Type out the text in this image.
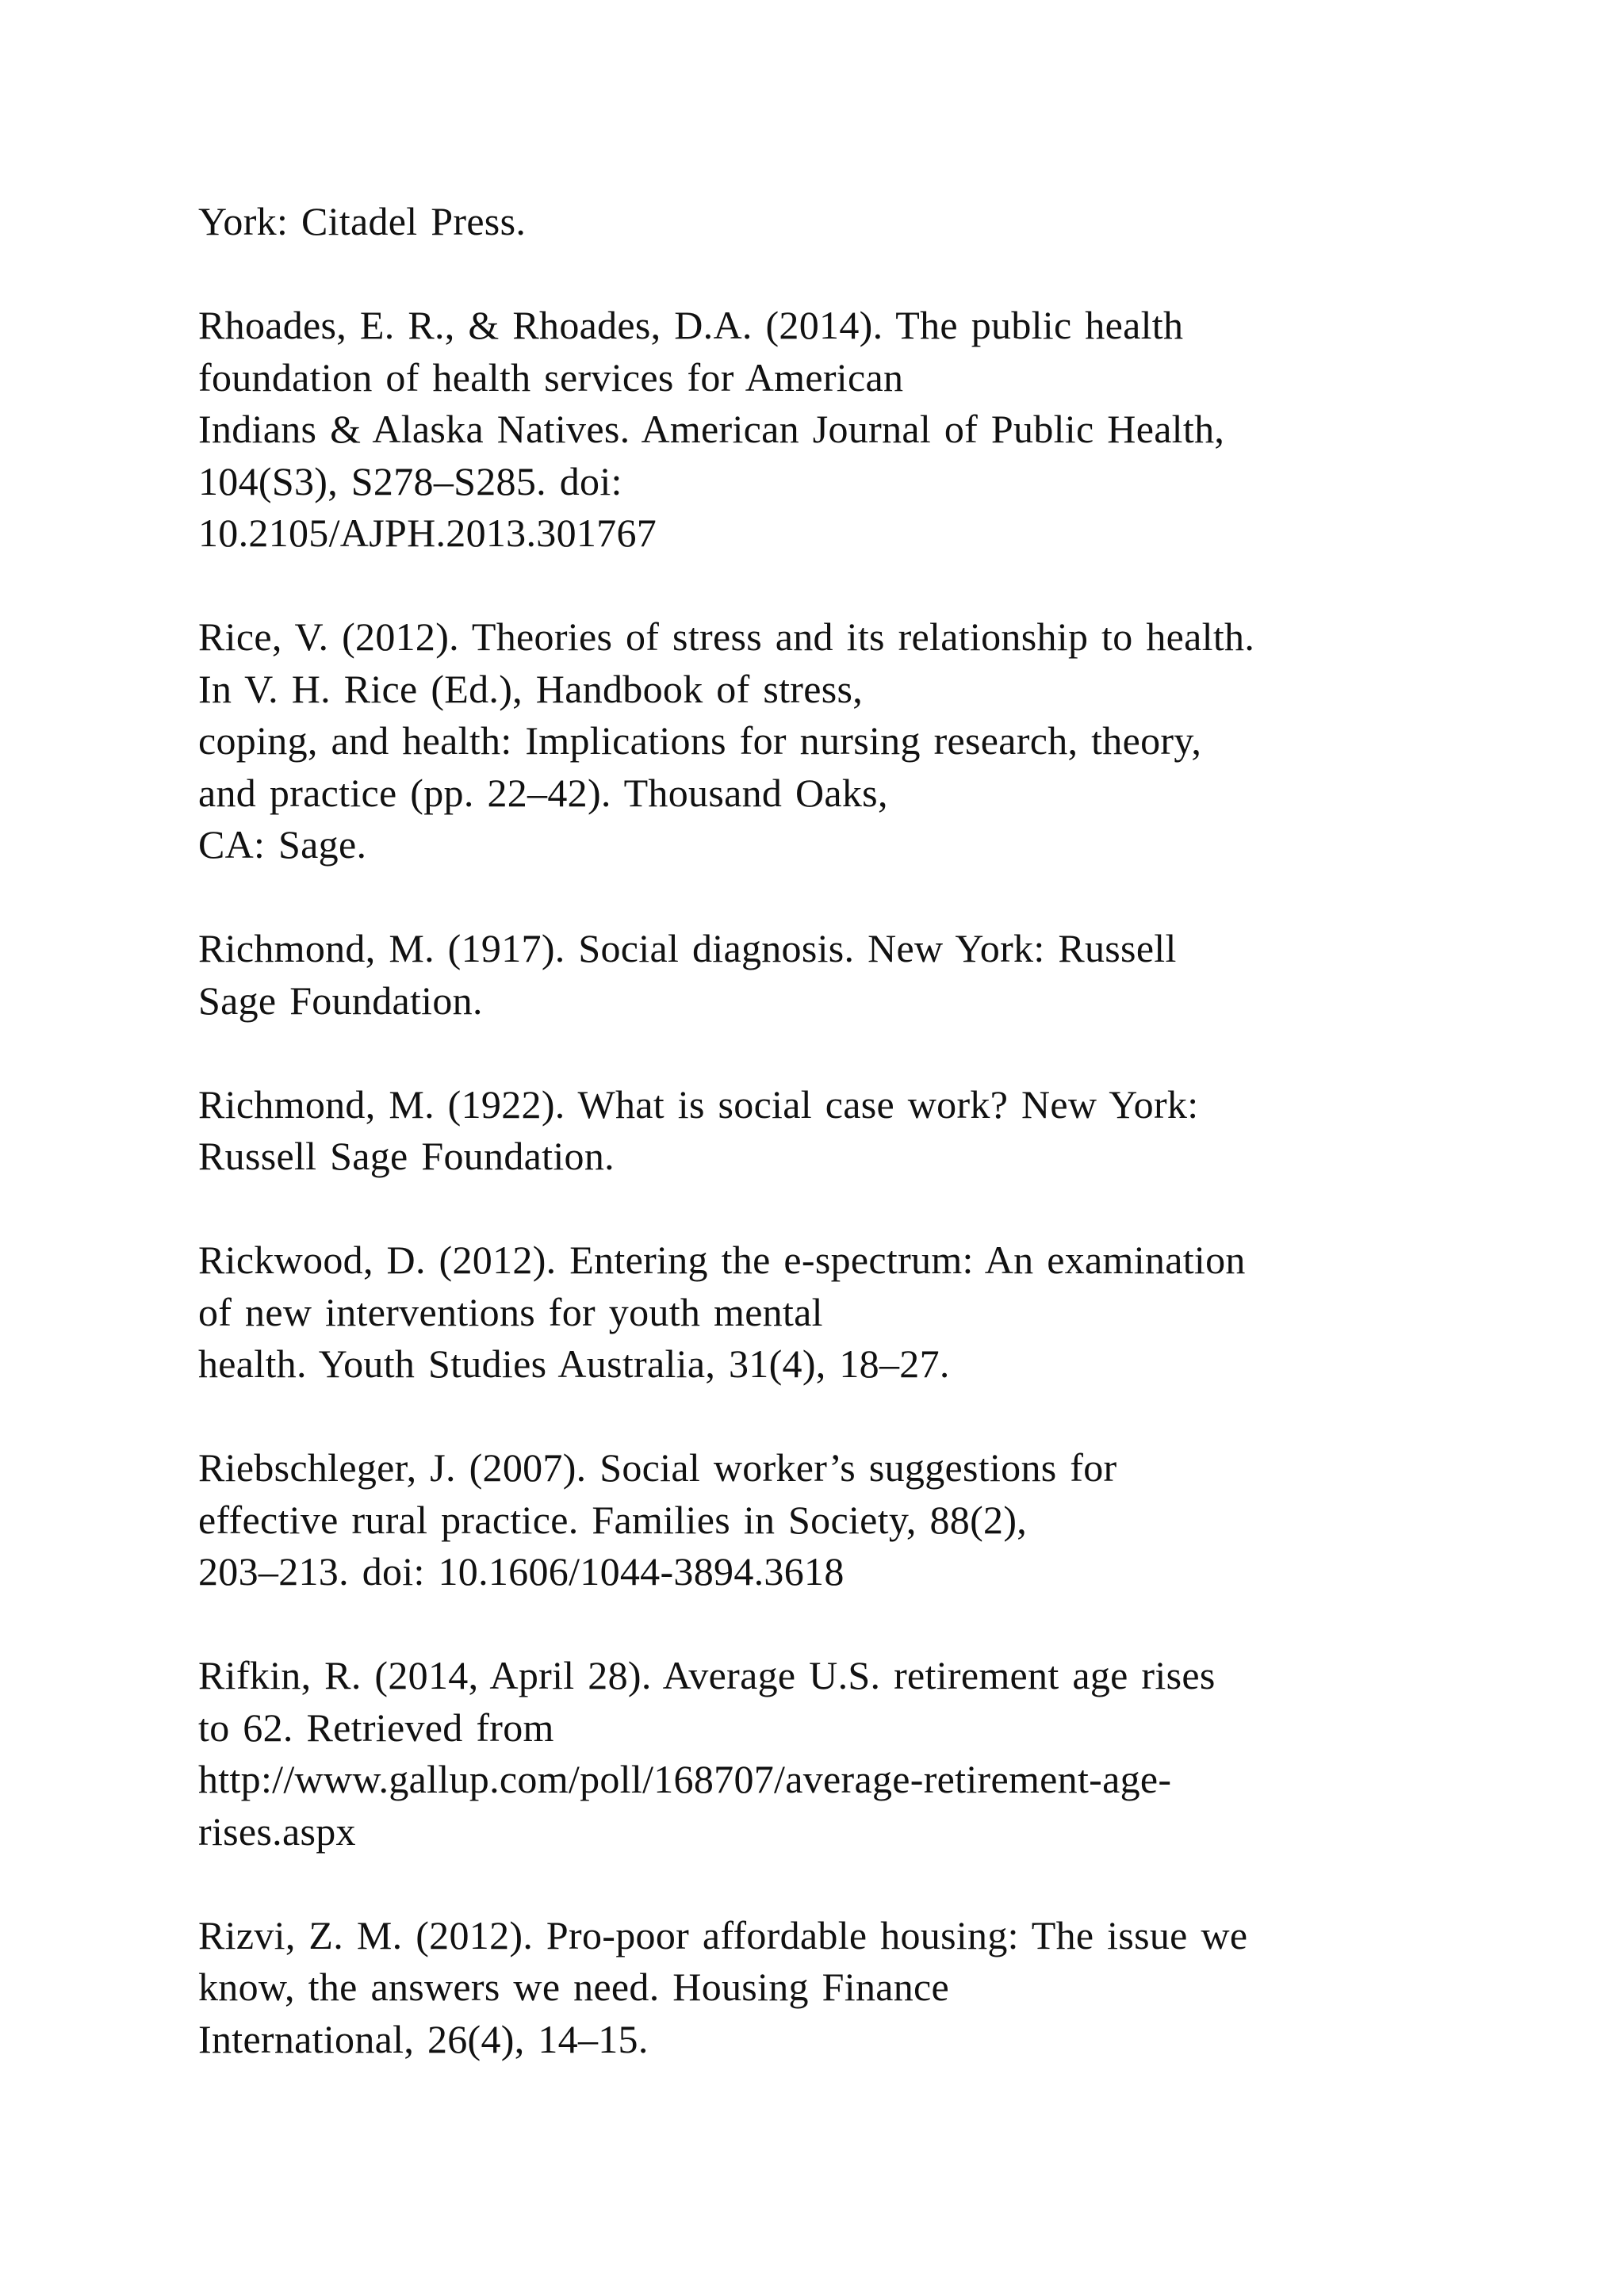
York: Citadel Press.
Rhoades, E. R., & Rhoades, D.A. (2014). The public health
foundation of health services for American
Indians & Alaska Natives. American Journal of Public Health,
104(S3), S278–S285. doi:
10.2105/AJPH.2013.301767
Rice, V. (2012). Theories of stress and its relationship to health.
In V. H. Rice (Ed.), Handbook of stress,
coping, and health: Implications for nursing research, theory,
and practice (pp. 22–42). Thousand Oaks,
CA: Sage.
Richmond, M. (1917). Social diagnosis. New York: Russell
Sage Foundation.
Richmond, M. (1922). What is social case work? New York:
Russell Sage Foundation.
Rickwood, D. (2012). Entering the e-spectrum: An examination
of new interventions for youth mental
health. Youth Studies Australia, 31(4), 18–27.
Riebschleger, J. (2007). Social worker’s suggestions for
effective rural practice. Families in Society, 88(2),
203–213. doi: 10.1606/1044-3894.3618
Rifkin, R. (2014, April 28). Average U.S. retirement age rises
to 62. Retrieved from
http://www.gallup.com/poll/168707/average-retirement-age-
rises.aspx
Rizvi, Z. M. (2012). Pro-poor affordable housing: The issue we
know, the answers we need. Housing Finance
International, 26(4), 14–15.
